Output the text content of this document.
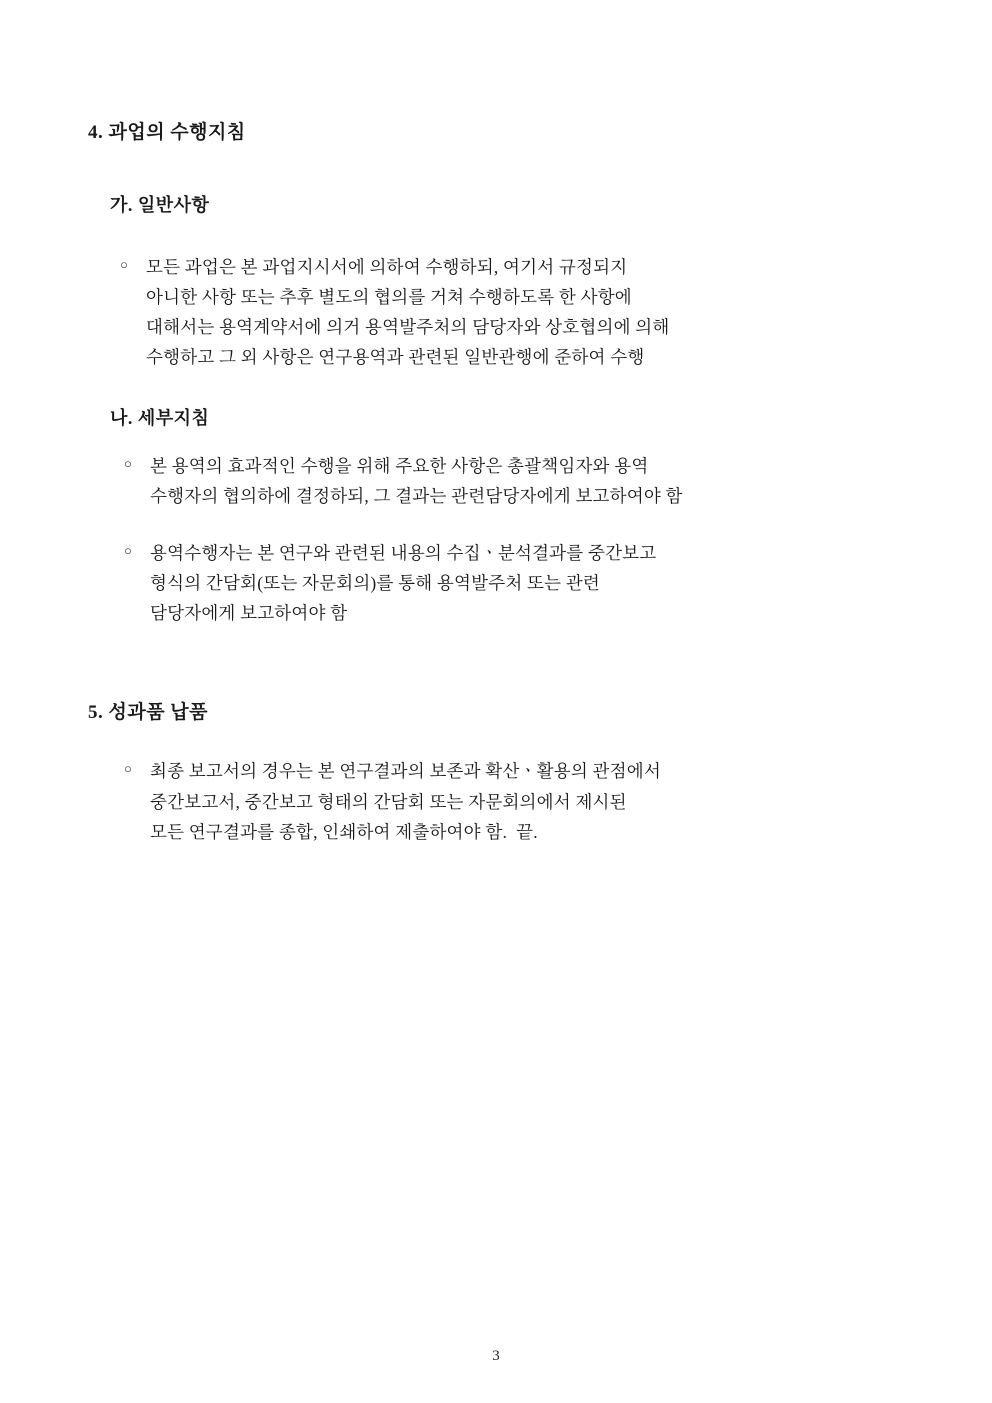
4. 과업의 수행지침
가. 일반사항
○	모든 과업은 본 과업지시서에 의하여 수행하되, 여기서 규정되지
아니한 사항 또는 추후 별도의 협의를 거쳐 수행하도록 한 사항에
대해서는 용역계약서에 의거 용역발주처의 담당자와 상호협의에 의해
수행하고 그 외 사항은 연구용역과 관련된 일반관행에 준하여 수행
나. 세부지침
○	본 용역의 효과적인 수행을 위해 주요한 사항은 총괄책임자와 용역
수행자의 협의하에 결정하되, 그 결과는 관련담당자에게 보고하여야 함
○	용역수행자는 본 연구와 관련된 내용의 수집ㆍ분석결과를 중간보고
형식의 간담회(또는 자문회의)를 통해 용역발주처 또는 관련
담당자에게 보고하여야 함
5. 성과품 납품
○	최종 보고서의 경우는 본 연구결과의 보존과 확산ㆍ활용의 관점에서
중간보고서, 중간보고 형태의 간담회 또는 자문회의에서 제시된
모든 연구결과를 종합, 인쇄하여 제출하여야 함.  끝.
3
